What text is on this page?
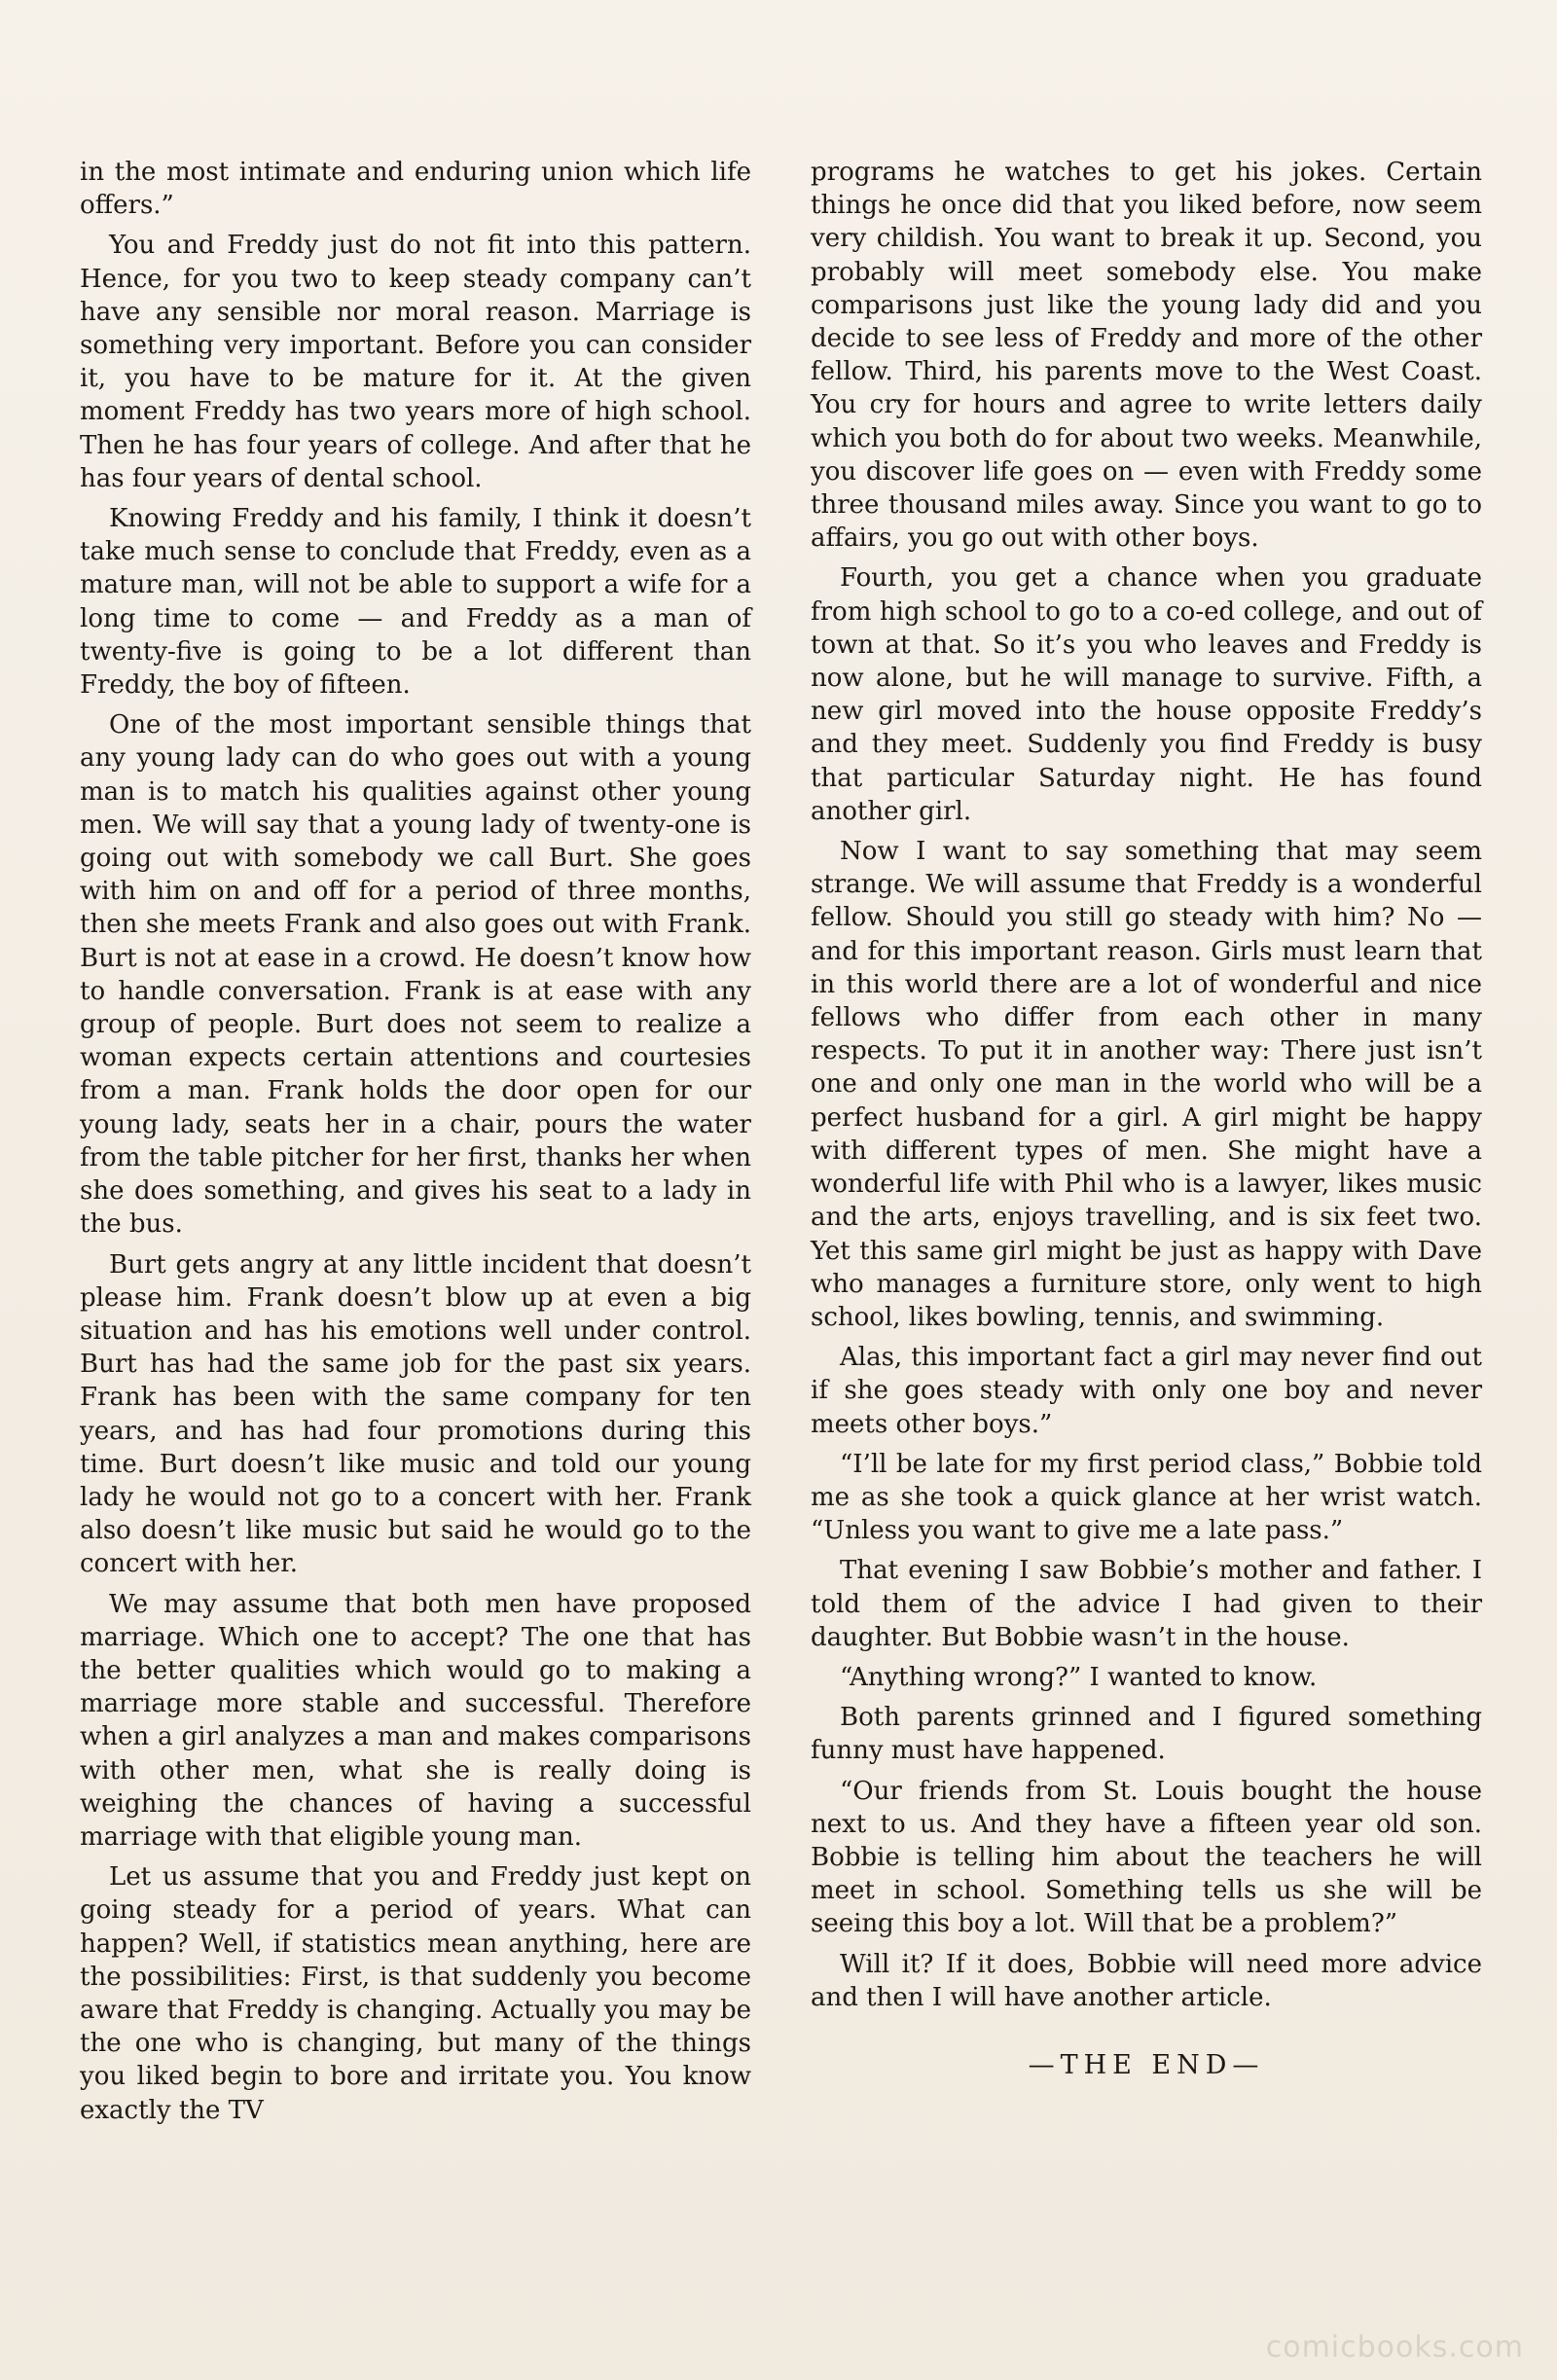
in the most intimate and enduring union which life offers.”

You and Freddy just do not fit into this pattern. Hence, for you two to keep steady company can’t have any sensible nor moral reason. Marriage is something very important. Before you can consider it, you have to be mature for it. At the given moment Freddy has two years more of high school. Then he has four years of college. And after that he has four years of dental school.

Knowing Freddy and his family, I think it doesn’t take much sense to conclude that Freddy, even as a mature man, will not be able to support a wife for a long time to come — and Freddy as a man of twenty-five is going to be a lot different than Freddy, the boy of fifteen.

One of the most important sensible things that any young lady can do who goes out with a young man is to match his qualities against other young men. We will say that a young lady of twenty-one is going out with somebody we call Burt. She goes with him on and off for a period of three months, then she meets Frank and also goes out with Frank. Burt is not at ease in a crowd. He doesn’t know how to handle conversation. Frank is at ease with any group of people. Burt does not seem to realize a woman expects certain attentions and courtesies from a man. Frank holds the door open for our young lady, seats her in a chair, pours the water from the table pitcher for her first, thanks her when she does something, and gives his seat to a lady in the bus.

Burt gets angry at any little incident that doesn’t please him. Frank doesn’t blow up at even a big situation and has his emotions well under control. Burt has had the same job for the past six years. Frank has been with the same company for ten years, and has had four promotions during this time. Burt doesn’t like music and told our young lady he would not go to a concert with her. Frank also doesn’t like music but said he would go to the concert with her.

We may assume that both men have proposed marriage. Which one to accept? The one that has the better qualities which would go to making a marriage more stable and successful. Therefore when a girl analyzes a man and makes comparisons with other men, what she is really doing is weighing the chances of having a successful marriage with that eligible young man.

Let us assume that you and Freddy just kept on going steady for a period of years. What can happen? Well, if statistics mean anything, here are the possibilities: First, is that suddenly you become aware that Freddy is changing. Actually you may be the one who is changing, but many of the things you liked begin to bore and irritate you. You know exactly the TV

programs he watches to get his jokes. Certain things he once did that you liked before, now seem very childish. You want to break it up. Second, you probably will meet somebody else. You make comparisons just like the young lady did and you decide to see less of Freddy and more of the other fellow. Third, his parents move to the West Coast. You cry for hours and agree to write letters daily which you both do for about two weeks. Meanwhile, you discover life goes on — even with Freddy some three thousand miles away. Since you want to go to affairs, you go out with other boys.

Fourth, you get a chance when you graduate from high school to go to a co-ed college, and out of town at that. So it’s you who leaves and Freddy is now alone, but he will manage to survive. Fifth, a new girl moved into the house opposite Freddy’s and they meet. Suddenly you find Freddy is busy that particular Saturday night. He has found another girl.

Now I want to say something that may seem strange. We will assume that Freddy is a wonderful fellow. Should you still go steady with him? No — and for this important reason. Girls must learn that in this world there are a lot of wonderful and nice fellows who differ from each other in many respects. To put it in another way: There just isn’t one and only one man in the world who will be a perfect husband for a girl. A girl might be happy with different types of men. She might have a wonderful life with Phil who is a lawyer, likes music and the arts, enjoys travelling, and is six feet two. Yet this same girl might be just as happy with Dave who manages a furniture store, only went to high school, likes bowling, tennis, and swimming.

Alas, this important fact a girl may never find out if she goes steady with only one boy and never meets other boys.”

“I’ll be late for my first period class,” Bobbie told me as she took a quick glance at her wrist watch. “Unless you want to give me a late pass.”

That evening I saw Bobbie’s mother and father. I told them of the advice I had given to their daughter. But Bobbie wasn’t in the house.

“Anything wrong?” I wanted to know.

Both parents grinned and I figured something funny must have happened.

“Our friends from St. Louis bought the house next to us. And they have a fifteen year old son. Bobbie is telling him about the teachers he will meet in school. Something tells us she will be seeing this boy a lot. Will that be a problem?”

Will it? If it does, Bobbie will need more advice and then I will have another article.

—THE END—
comicbooks.com
